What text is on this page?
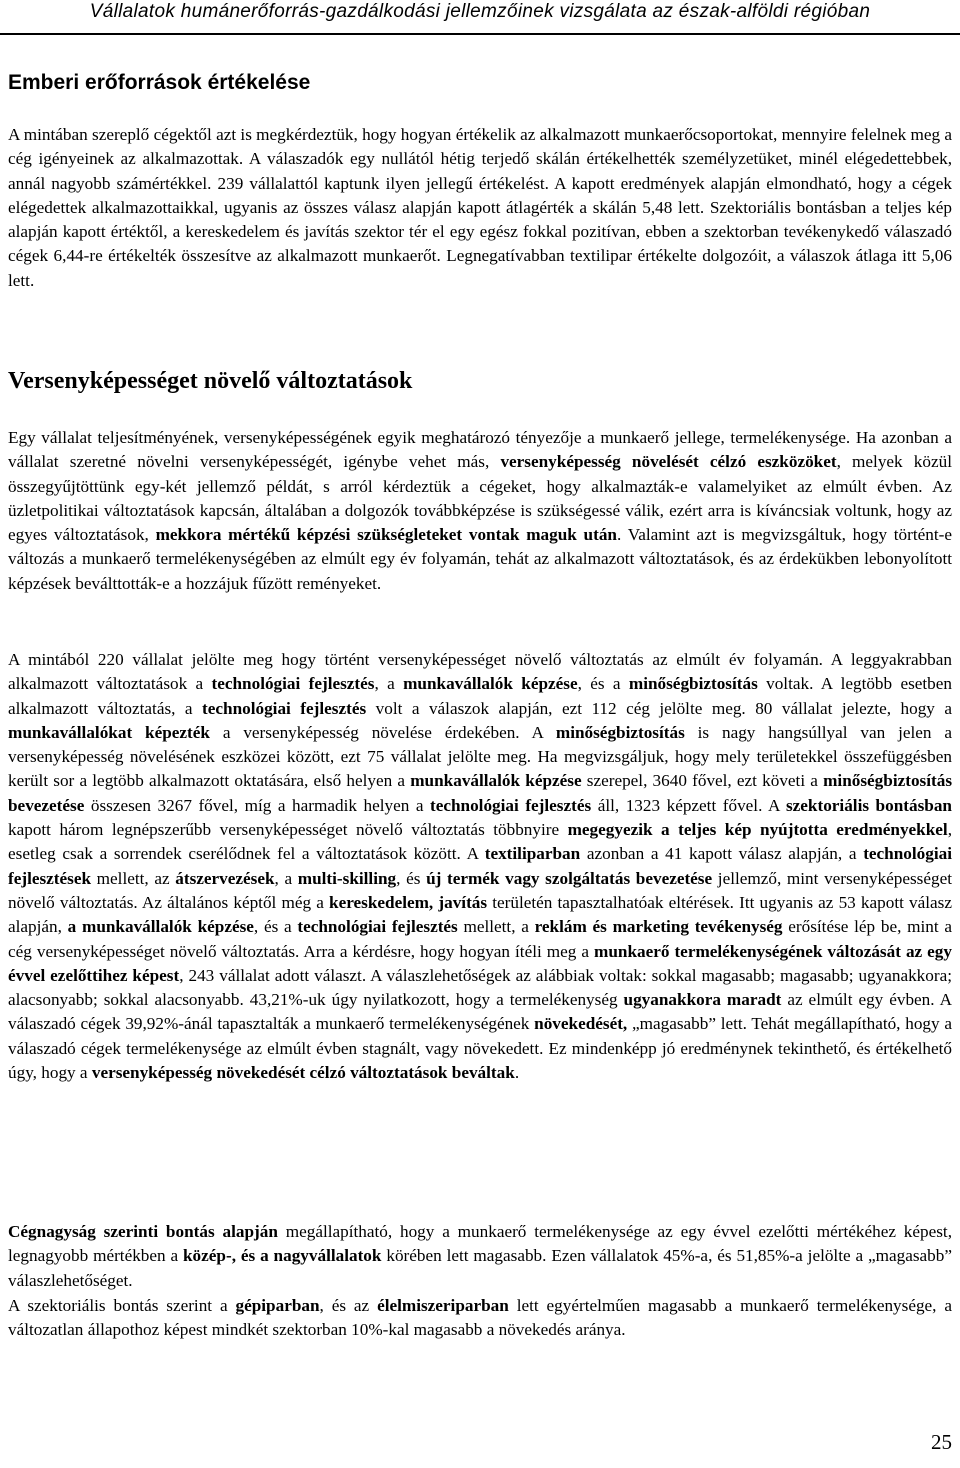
Vállalatok humánerőforrás-gazdálkodási jellemzőinek vizsgálata az észak-alföldi régióban
Emberi erőforrások értékelése

A mintában szereplő cégektől azt is megkérdeztük, hogy hogyan értékelik az alkalmazott munkaerőcsoportokat, mennyire felelnek meg a cég igényeinek az alkalmazottak. A válaszadók egy nullától hétig terjedő skálán értékelhették személyzetüket, minél elégedettebbek, annál nagyobb számértékkel. 239 vállalattól kaptunk ilyen jellegű értékelést. A kapott eredmények alapján elmondható, hogy a cégek elégedettek alkalmazottaikkal, ugyanis az összes válasz alapján kapott átlagérték a skálán 5,48 lett. Szektoriális bontásban a teljes kép alapján kapott értéktől, a kereskedelem és javítás szektor tér el egy egész fokkal pozitívan, ebben a szektorban tevékenykedő válaszadó cégek 6,44-re értékelték összesítve az alkalmazott munkaerőt. Legnegatívabban textilipar értékelte dolgozóit, a válaszok átlaga itt 5,06 lett.

Versenyképességet növelő változtatások

Egy vállalat teljesítményének, versenyképességének egyik meghatározó tényezője a munkaerő jellege, termelékenysége. Ha azonban a vállalat szeretné növelni versenyképességét, igénybe vehet más, versenyképesség növelését célzó eszközöket, melyek közül összegyűjtöttünk egy-két jellemző példát, s arról kérdeztük a cégeket, hogy alkalmazták-e valamelyiket az elmúlt évben. Az üzletpolitikai változtatások kapcsán, általában a dolgozók továbbképzése is szükségessé válik, ezért arra is kíváncsiak voltunk, hogy az egyes változtatások, mekkora mértékű képzési szükségleteket vontak maguk után. Valamint azt is megvizsgáltuk, hogy történt-e változás a munkaerő termelékenységében az elmúlt egy év folyamán, tehát az alkalmazott változtatások, és az érdekükben lebonyolított képzések beválttották-e a hozzájuk fűzött reményeket.

A mintából 220 vállalat jelölte meg hogy történt versenyképességet növelő változtatás az elmúlt év folyamán. A leggyakrabban alkalmazott változtatások a technológiai fejlesztés, a munkavállalók képzése, és a minőségbiztosítás voltak. A legtöbb esetben alkalmazott változtatás, a technológiai fejlesztés volt a válaszok alapján, ezt 112 cég jelölte meg. 80 vállalat jelezte, hogy a munkavállalókat képezték a versenyképesség növelése érdekében. A minőségbiztosítás is nagy hangsúllyal van jelen a versenyképesség növelésének eszközei között, ezt 75 vállalat jelölte meg. Ha megvizsgáljuk, hogy mely területekkel összefüggésben került sor a legtöbb alkalmazott oktatására, első helyen a munkavállalók képzése szerepel, 3640 fővel, ezt követi a minőségbiztosítás bevezetése összesen 3267 fővel, míg a harmadik helyen a technológiai fejlesztés áll, 1323 képzett fővel. A szektoriális bontásban kapott három legnépszerűbb versenyképességet növelő változtatás többnyire megegyezik a teljes kép nyújtotta eredményekkel, esetleg csak a sorrendek cserélődnek fel a változtatások között. A textiliparban azonban a 41 kapott válasz alapján, a technológiai fejlesztések mellett, az átszervezések, a multi-skilling, és új termék vagy szolgáltatás bevezetése jellemző, mint versenyképességet növelő változtatás. Az általános képtől még a kereskedelem, javítás területén tapasztalhatóak eltérések. Itt ugyanis az 53 kapott válasz alapján, a munkavállalók képzése, és a technológiai fejlesztés mellett, a reklám és marketing tevékenység erősítése lép be, mint a cég versenyképességet növelő változtatás. Arra a kérdésre, hogy hogyan ítéli meg a munkaerő termelékenységének változását az egy évvel ezelőttihez képest, 243 vállalat adott választ. A válaszlehetőségek az alábbiak voltak: sokkal magasabb; magasabb; ugyanakkora; alacsonyabb; sokkal alacsonyabb. 43,21%-uk úgy nyilatkozott, hogy a termelékenység ugyanakkora maradt az elmúlt egy évben. A válaszadó cégek 39,92%-ánál tapasztalták a munkaerő termelékenységének növekedését, „magasabb” lett. Tehát megállapítható, hogy a válaszadó cégek termelékenysége az elmúlt évben stagnált, vagy növekedett. Ez mindenképp jó eredménynek tekinthető, és értékelhető úgy, hogy a versenyképesség növekedését célzó változtatások beváltak.

Cégnagyság szerinti bontás alapján megállapítható, hogy a munkaerő termelékenysége az egy évvel ezelőtti mértékéhez képest, legnagyobb mértékben a közép-, és a nagyvállalatok körében lett magasabb. Ezen vállalatok 45%-a, és 51,85%-a jelölte a „magasabb” válaszlehetőséget.

A szektoriális bontás szerint a gépiparban, és az élelmiszeriparban lett egyértelműen magasabb a munkaerő termelékenysége, a változatlan állapothoz képest mindkét szektorban 10%-kal magasabb a növekedés aránya.

25
